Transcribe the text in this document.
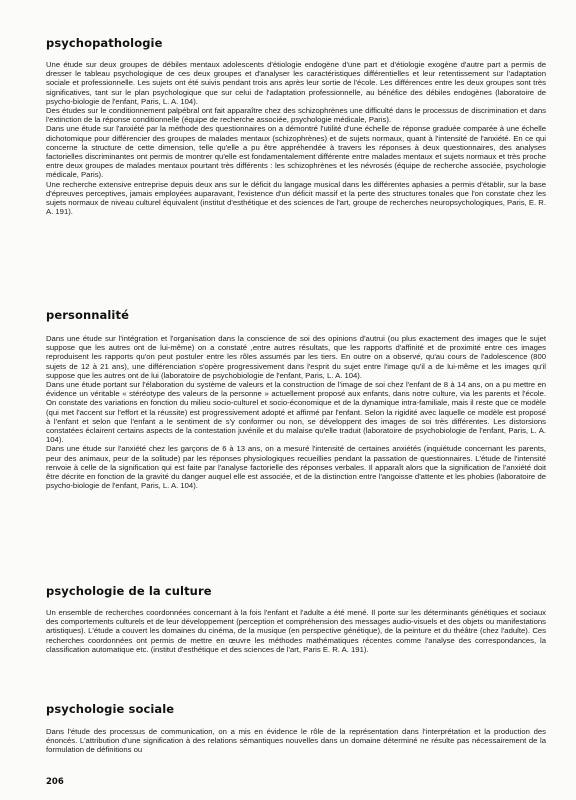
psychopathologie

Une étude sur deux groupes de débiles mentaux adolescents d'étiologie endogène d'une part et d'étiologie exogène d'autre part a permis de dresser le tableau psychologique de ces deux groupes et d'analyser les caractéristiques différentielles et leur retentissement sur l'adaptation sociale et professionnelle. Les sujets ont été suivis pendant trois ans après leur sortie de l'école. Les différences entre les deux groupes sont très significatives, tant sur le plan psychologique que sur celui de l'adaptation professionnelle, au bénéfice des débiles endogènes (laboratoire de psycho-biologie de l'enfant, Paris, L. A. 104).

Des études sur le conditionnement palpébral ont fait apparaître chez des schizophrènes une difficulté dans le processus de discrimination et dans l'extinction de la réponse conditionnelle (équipe de recherche associée, psychologie médicale, Paris).

Dans une étude sur l'anxiété par la méthode des questionnaires on a démontré l'utilité d'une échelle de réponse graduée comparée à une échelle dichotomique pour différencier des groupes de malades mentaux (schizophrènes) et de sujets normaux, quant à l'intensité de l'anxiété. En ce qui concerne la structure de cette dimension, telle qu'elle a pu être appréhendée à travers les réponses à deux questionnaires, des analyses factorielles discriminantes ont permis de montrer qu'elle est fondamentalement différente entre malades mentaux et sujets normaux et très proche entre deux groupes de malades mentaux pourtant très différents : les schizophrènes et les névrosés (équipe de recherche associée, psychologie médicale, Paris).

Une recherche extensive entreprise depuis deux ans sur le déficit du langage musical dans les différentes aphasies a permis d'établir, sur la base d'épreuves perceptives, jamais employées auparavant, l'existence d'un déficit massif et la perte des structures tonales que l'on constate chez les sujets normaux de niveau culturel équivalent (institut d'esthétique et des sciences de l'art, groupe de recherches neuropsychologiques, Paris, E. R. A. 191).

personnalité

Dans une étude sur l'intégration et l'organisation dans la conscience de soi des opinions d'autrui (ou plus exactement des images que le sujet suppose que les autres ont de lui-même) on a constaté ,entre autres résultats, que les rapports d'affinité et de proximité entre ces images reproduisent les rapports qu'on peut postuler entre les rôles assumés par les tiers. En outre on a observé, qu'au cours de l'adolescence (800 sujets de 12 à 21 ans), une différenciation s'opère progressivement dans l'esprit du sujet entre l'image qu'il a de lui-même et les images qu'il suppose que les autres ont de lui (laboratoire de psychobiologie de l'enfant, Paris, L. A. 104).

Dans une étude portant sur l'élaboration du système de valeurs et la construction de l'image de soi chez l'enfant de 8 à 14 ans, on a pu mettre en évidence un véritable « stéréotype des valeurs de la personne » actuellement proposé aux enfants, dans notre culture, via les parents et l'école. On constate des variations en fonction du milieu socio-culturel et socio-économique et de la dynamique intra-familiale, mais il reste que ce modèle (qui met l'accent sur l'effort et la réussite) est progressivement adopté et affirmé par l'enfant. Selon la rigidité avec laquelle ce modèle est proposé à l'enfant et selon que l'enfant a le sentiment de s'y conformer ou non, se développent des images de soi très différentes. Les distorsions constatées éclairent certains aspects de la contestation juvénile et du malaise qu'elle traduit (laboratoire de psychobiologie de l'enfant, Paris, L. A. 104).

Dans une étude sur l'anxiété chez les garçons de 6 à 13 ans, on a mesuré l'intensité de certaines anxiétés (inquiétude concernant les parents, peur des animaux, peur de la solitude) par les réponses physiologiques recueillies pendant la passation de questionnaires. L'étude de l'intensité renvoie à celle de la signification qui est faite par l'analyse factorielle des réponses verbales. Il apparaît alors que la signification de l'anxiété doit être décrite en fonction de la gravité du danger auquel elle est associée, et de la distinction entre l'angoisse d'attente et les phobies (laboratoire de psycho-biologie de l'enfant, Paris, L. A. 104).

psychologie de la culture

Un ensemble de recherches coordonnées concernant à la fois l'enfant et l'adulte a été mené. Il porte sur les déterminants génétiques et sociaux des comportements culturels et de leur développement (perception et compréhension des messages audio-visuels et des objets ou manifestations artistiques). L'étude a couvert les domaines du cinéma, de la musique (en perspective génétique), de la peinture et du théâtre (chez l'adulte). Ces recherches coordonnées ont permis de mettre en œuvre les méthodes mathématiques récentes comme l'analyse des correspondances, la classification automatique etc. (institut d'esthétique et des sciences de l'art, Paris E. R. A. 191).

psychologie sociale

Dans l'étude des processus de communication, on a mis en évidence le rôle de la représentation dans l'interprétation et la production des énoncés. L'attribution d'une signification à des relations sémantiques nouvelles dans un domaine déterminé ne résulte pas nécessairement de la formulation de définitions ou

206
